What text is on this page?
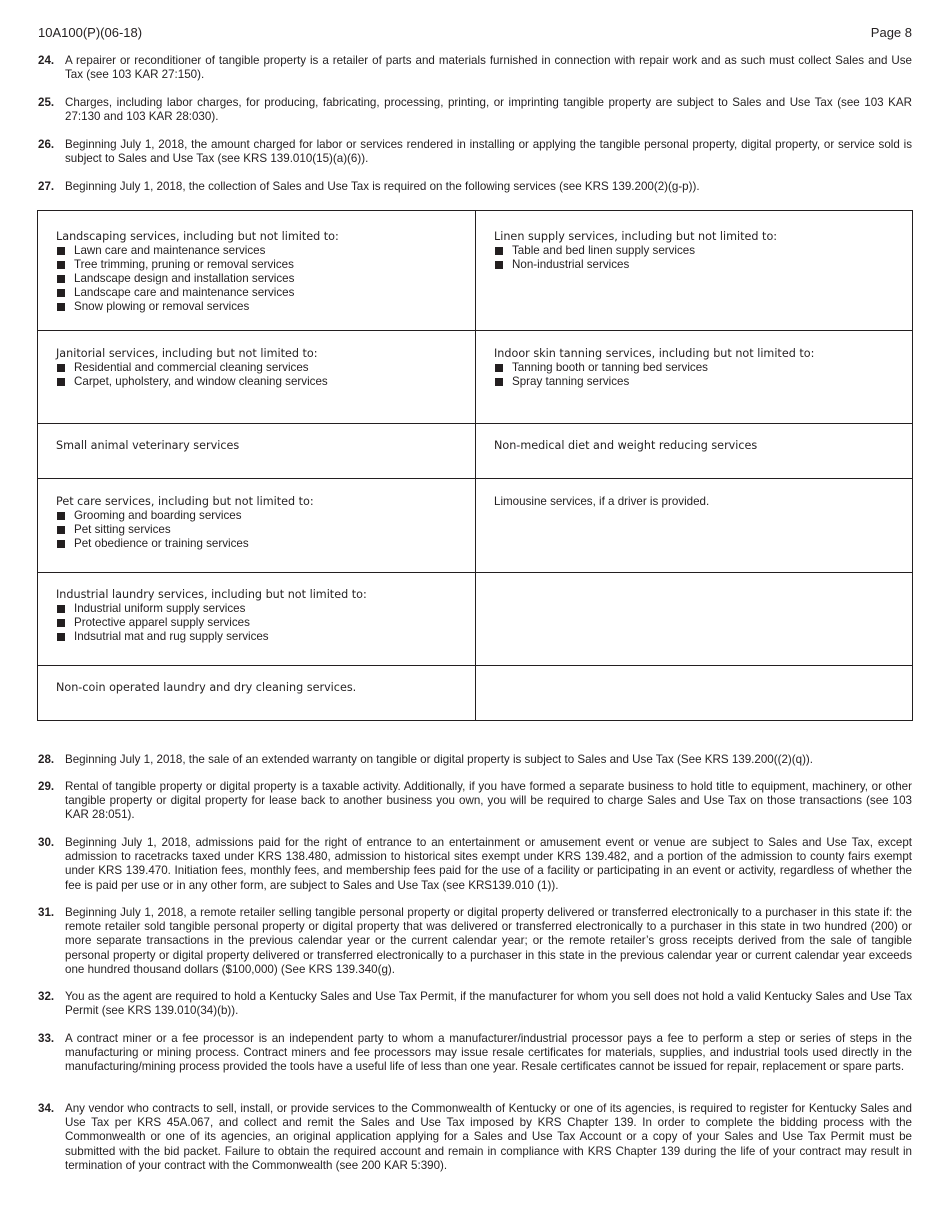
10A100(P)(06-18)	Page 8
24. A repairer or reconditioner of tangible property is a retailer of parts and materials furnished in connection with repair work and as such must collect Sales and Use Tax (see 103 KAR 27:150).
25. Charges, including labor charges, for producing, fabricating, processing, printing, or imprinting tangible property are subject to Sales and Use Tax (see 103 KAR 27:130 and 103 KAR 28:030).
26. Beginning July 1, 2018, the amount charged for labor or services rendered in installing or applying the tangible personal property, digital property, or service sold is subject to Sales and Use Tax (see KRS 139.010(15)(a)(6)).
27. Beginning July 1, 2018, the collection of Sales and Use Tax is required on the following services (see KRS 139.200(2)(g-p)).
Landscaping services, including but not limited to:
Lawn care and maintenance services
Tree trimming, pruning or removal services
Landscape design and installation services
Landscape care and maintenance services
Snow plowing or removal services
Linen supply services, including but not limited to:
Table and bed linen supply services
Non-industrial services
Janitorial services, including but not limited to:
Residential and commercial cleaning services
Carpet, upholstery, and window cleaning services
Indoor skin tanning services, including but not limited to:
Tanning booth or tanning bed services
Spray tanning services
Small animal veterinary services	Non-medical diet and weight reducing services
Pet care services, including but not limited to:
Grooming and boarding services
Pet sitting services
Pet obedience or training services
Limousine services, if a driver is provided.
Industrial laundry services, including but not limited to:
Industrial uniform supply services
Protective apparel supply services
Indsutrial mat and rug supply services
Non-coin operated laundry and dry cleaning services.
28. Beginning July 1, 2018, the sale of an extended warranty on tangible or digital property is subject to Sales and Use Tax (See KRS 139.200((2)(q)).
29. Rental of tangible property or digital property is a taxable activity. Additionally, if you have formed a separate business to hold title to equipment, machinery, or other tangible property or digital property for lease back to another business you own, you will be required to charge Sales and Use Tax on those transactions (see 103 KAR 28:051).
30. Beginning July 1, 2018, admissions paid for the right of entrance to an entertainment or amusement event or venue are subject to Sales and Use Tax, except admission to racetracks taxed under KRS 138.480, admission to historical sites exempt under KRS 139.482, and a portion of the admission to county fairs exempt under KRS 139.470. Initiation fees, monthly fees, and membership fees paid for the use of a facility or participating in an event or activity, regardless of whether the fee is paid per use or in any other form, are subject to Sales and Use Tax (see KRS139.010 (1)).
31. Beginning July 1, 2018, a remote retailer selling tangible personal property or digital property delivered or transferred electronically to a purchaser in this state if: the remote retailer sold tangible personal property or digital property that was delivered or transferred electronically to a purchaser in this state in two hundred (200) or more separate transactions in the previous calendar year or the current calendar year; or the remote retailer’s gross receipts derived from the sale of tangible personal property or digital property delivered or transferred electronically to a purchaser in this state in the previous calendar year or current calendar year exceeds one hundred thousand dollars ($100,000) (See KRS 139.340(g).
32. You as the agent are required to hold a Kentucky Sales and Use Tax Permit, if the manufacturer for whom you sell does not hold a valid Kentucky Sales and Use Tax Permit (see KRS 139.010(34)(b)).
33. A contract miner or a fee processor is an independent party to whom a manufacturer/industrial processor pays a fee to perform a step or series of steps in the manufacturing or mining process. Contract miners and fee processors may issue resale certificates for materials, supplies, and industrial tools used directly in the manufacturing/mining process provided the tools have a useful life of less than one year. Resale certificates cannot be issued for repair, replacement or spare parts.
34. Any vendor who contracts to sell, install, or provide services to the Commonwealth of Kentucky or one of its agencies, is required to register for Kentucky Sales and Use Tax per KRS 45A.067, and collect and remit the Sales and Use Tax imposed by KRS Chapter 139. In order to complete the bidding process with the Commonwealth or one of its agencies, an original application applying for a Sales and Use Tax Account or a copy of your Sales and Use Tax Permit must be submitted with the bid packet. Failure to obtain the required account and remain in compliance with KRS Chapter 139 during the life of your contract may result in termination of your contract with the Commonwealth (see 200 KAR 5:390).
